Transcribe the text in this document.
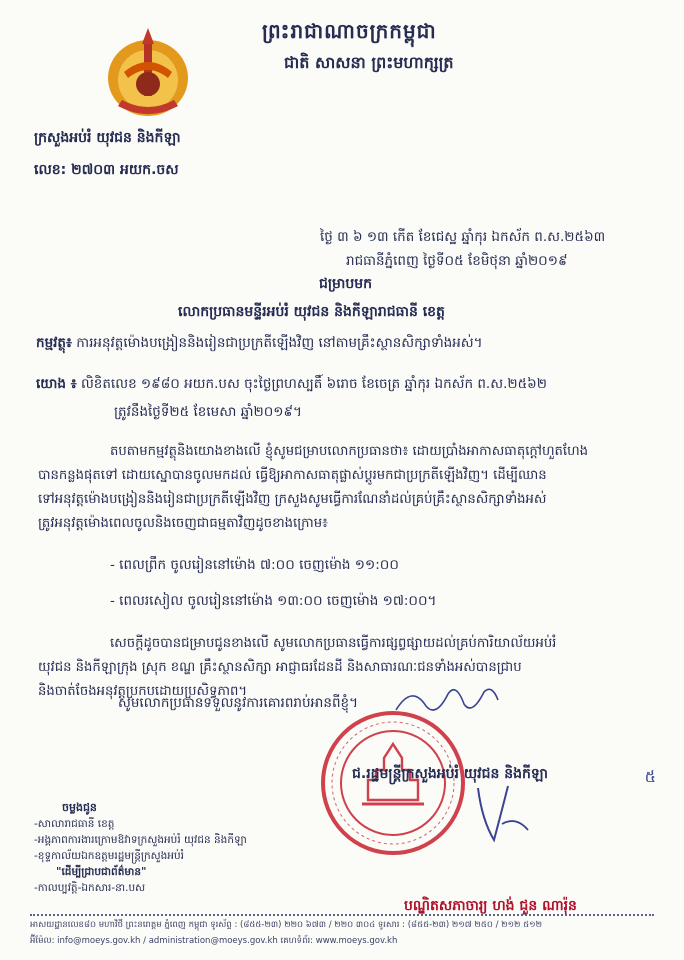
ព្រះរាជាណាចក្រកម្ពុជា
ជាតិ សាសនា ព្រះមហាក្សត្រ
ក្រសួងអប់រំ យុវជន និងកីឡា
លេខ: ២៧០៣ អយក.ចស
ថ្ងៃ ៣ ៦ ១៣ កើត ខែជេស្ឋ ឆ្នាំកុរ ឯកស័ក ព.ស.២៥៦៣
រាជធានីភ្នំពេញ ថ្ងៃទី០៥ ខែមិថុនា ឆ្នាំ២០១៩
ជម្រាបមក
លោកប្រធានមន្ទីរអប់រំ យុវជន និងកីឡារាជធានី ខេត្ត
កម្មវត្ថុ៖ ការអនុវត្តម៉ោងបង្រៀននិងរៀនជាប្រក្រតីឡើងវិញ នៅតាមគ្រឹះស្ថានសិក្សាទាំងអស់។
យោង ៖ លិខិតលេខ ១៩៨០ អយក.បស ចុះថ្ងៃព្រហស្បតិ៍ ៦រោច ខែចេត្រ ឆ្នាំកុរ ឯកស័ក ព.ស.២៥៦២
ត្រូវនឹងថ្ងៃទី២៥ ខែមេសា ឆ្នាំ២០១៩។
តបតាមកម្មវត្ថុនិងយោងខាងលើ ខ្ញុំសូមជម្រាបលោកប្រធានថា៖ ដោយប្រាំងអាកាសធាតុក្តៅហួតហែង
បានកន្លងផុតទៅ ដោយស្នោបានចូលមកដល់ ធ្វើឱ្យអាកាសធាតុផ្លាស់ប្តូរមកជាប្រក្រតីឡើងវិញ។ ដើម្បីឈាន
ទៅអនុវត្តម៉ោងបង្រៀននិងរៀនជាប្រក្រតីឡើងវិញ ក្រសួងសូមធ្វើការណែនាំដល់គ្រប់គ្រឹះស្ថានសិក្សាទាំងអស់
ត្រូវអនុវត្តម៉ោងពេលចូលនិងចេញជាធម្មតាវិញដូចខាងក្រោម៖
- ពេលព្រឹក ចូលរៀននៅម៉ោង ៧:០០ ចេញម៉ោង ១១:០០
- ពេលរសៀល ចូលរៀននៅម៉ោង ១៣:០០ ចេញម៉ោង ១៧:០០។
សេចក្តីដូចបានជម្រាបជូនខាងលើ សូមលោកប្រធានធ្វើការផ្សព្វផ្សាយដល់គ្រប់ការិយាល័យអប់រំ
យុវជន និងកីឡាក្រុង ស្រុក ខណ្ឌ គ្រឹះស្ថានសិក្សា អាជ្ញាធរដែនដី និងសាធារណៈជនទាំងអស់បានជ្រាប
និងចាត់ចែងអនុវត្តប្រកបដោយប្រសិទ្ធភាព។
សូមលោកប្រធានទទួលនូវការគោរពរាប់អានពីខ្ញុំ។
ជ.រដ្ឋមន្ត្រីក្រសួងអប់រំ យុវជន និងកីឡា	៥
ចម្លងជូន
-សាលារាជធានី ខេត្ត
-អង្គភាពការងារក្រោមឱវាទក្រសួងអប់រំ យុវជន និងកីឡា
-ខុទ្ទកាល័យឯកឧត្តមរដ្ឋមន្ត្រីក្រសួងអប់រំ
"ដើម្បីជ្រាបជាព័ត៌មាន"
-កាលប្បវត្តិ-ឯកសារ-នា.បស
បណ្ឌិតសភាចារ្យ ហង់ ជួន ណារ៉ុន
អាសយដ្ឋានលេខ៨០ មហាវិថី ព្រះនរោត្តម ភ្នំពេញ កម្ពុជា ទូរស័ព្ទ : (៨៥៥-២៣) ២២០ ៦៧៣ / ២២០ ៣០៤ ទូរសារ : (៨៥៥-២៣) ២១៧ ២៥០ / ២១២ ៥១២
អ៊ីម៉ែល: info@moeys.gov.kh / administration@moeys.gov.kh គេហទំព័រ: www.moeys.gov.kh
